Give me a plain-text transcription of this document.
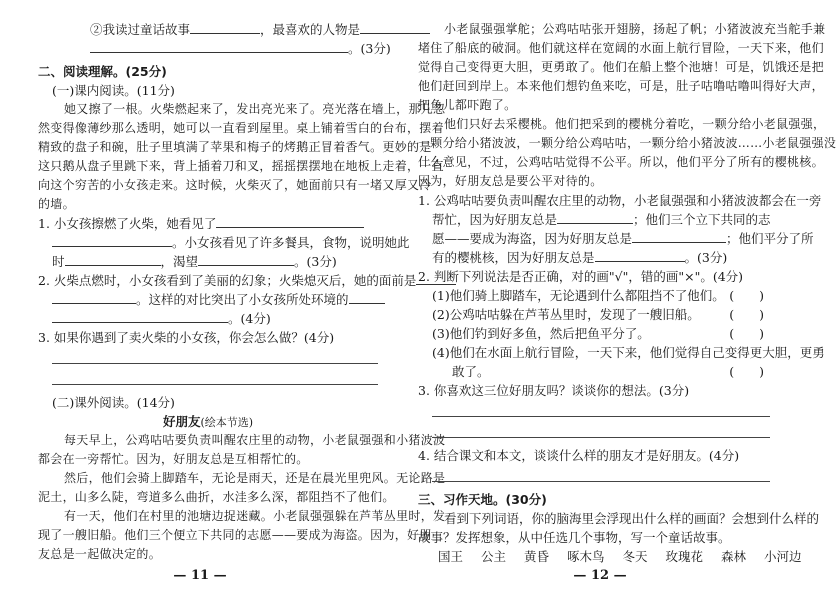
②我读过童话故事	，最喜欢的人物是
。(3分)
二、阅读理解。(25分)
(一)课内阅读。(11分)
她又擦了一根。火柴燃起来了，发出亮光来了。亮光落在墙上，那儿忽
然变得像薄纱那么透明，她可以一直看到屋里。桌上铺着雪白的台布，摆着
精致的盘子和碗，肚子里填满了苹果和梅子的烤鹅正冒着香气。更妙的是
这只鹅从盘子里跳下来，背上插着刀和叉，摇摇摆摆地在地板上走着，一直
向这个穷苦的小女孩走来。这时候，火柴灭了，她面前只有一堵又厚又冷
的墙。
1. 小女孩擦燃了火柴，她看见了
。小女孩看见了许多餐具，食物，说明她此
时	，渴望	。(3分)
2. 火柴点燃时，小女孩看到了美丽的幻象；火柴熄灭后，她的面前是
。这样的对比突出了小女孩所处环境的
。(4分)
3. 如果你遇到了卖火柴的小女孩，你会怎么做？(4分)
(二)课外阅读。(14分)
好朋友(绘本节选)
每天早上，公鸡咕咕要负责叫醒农庄里的动物，小老鼠强强和小猪波波
都会在一旁帮忙。因为，好朋友总是互相帮忙的。
然后，他们会骑上脚踏车，无论是雨天，还是在晨光里兜风。无论路是
泥土，山多么陡，弯道多么曲折，水洼多么深，都阻挡不了他们。
有一天，他们在村里的池塘边捉迷藏。小老鼠强强躲在芦苇丛里时，发
现了一艘旧船。他们三个便立下共同的志愿——要成为海盗。因为，好朋
友总是一起做决定的。
— 11 —
小老鼠强强掌舵；公鸡咕咕张开翅膀，扬起了帆；小猪波波充当舵手兼
堵住了船底的破洞。他们就这样在宽阔的水面上航行冒险，一天下来，他们
觉得自己变得更大胆，更勇敢了。他们在船上整个池塘！可是，饥饿还是把
他们赶回到岸上。本来他们想钓鱼来吃，可是，肚子咕噜咕噜叫得好大声，
把鱼儿都吓跑了。
他们只好去采樱桃。他们把采到的樱桃分着吃，一颗分给小老鼠强强，
一颗分给小猪波波，一颗分给公鸡咕咕，一颗分给小猪波波……小老鼠强强没
什么意见，不过，公鸡咕咕觉得不公平。所以，他们平分了所有的樱桃核。
因为，好朋友总是要公平对待的。
1. 公鸡咕咕要负责叫醒农庄里的动物，小老鼠强强和小猪波波都会在一旁
帮忙，因为好朋友总是	；他们三个立下共同的志
愿——要成为海盗，因为好朋友总是	；他们平分了所
有的樱桃核，因为好朋友总是	。(3分)
2. 判断下列说法是否正确，对的画"√"，错的画"×"。(4分)
(1)他们骑上脚踏车，无论遇到什么都阻挡不了他们。 (　　)
(2)公鸡咕咕躲在芦苇丛里时，发现了一艘旧船。 (　　)
(3)他们钓到好多鱼，然后把鱼平分了。	(　　)
(4)他们在水面上航行冒险，一天下来，他们觉得自己变得更大胆，更勇
敢了。	(　　)
3. 你喜欢这三位好朋友吗？谈谈你的想法。(3分)
4. 结合课文和本文，谈谈什么样的朋友才是好朋友。(4分)
三、习作天地。(30分)
看到下列词语，你的脑海里会浮现出什么样的画面？会想到什么样的
故事？发挥想象，从中任选几个事物，写一个童话故事。
国王 公主 黄昏 啄木鸟 冬天 玫瑰花 森林 小河边
— 12 —
